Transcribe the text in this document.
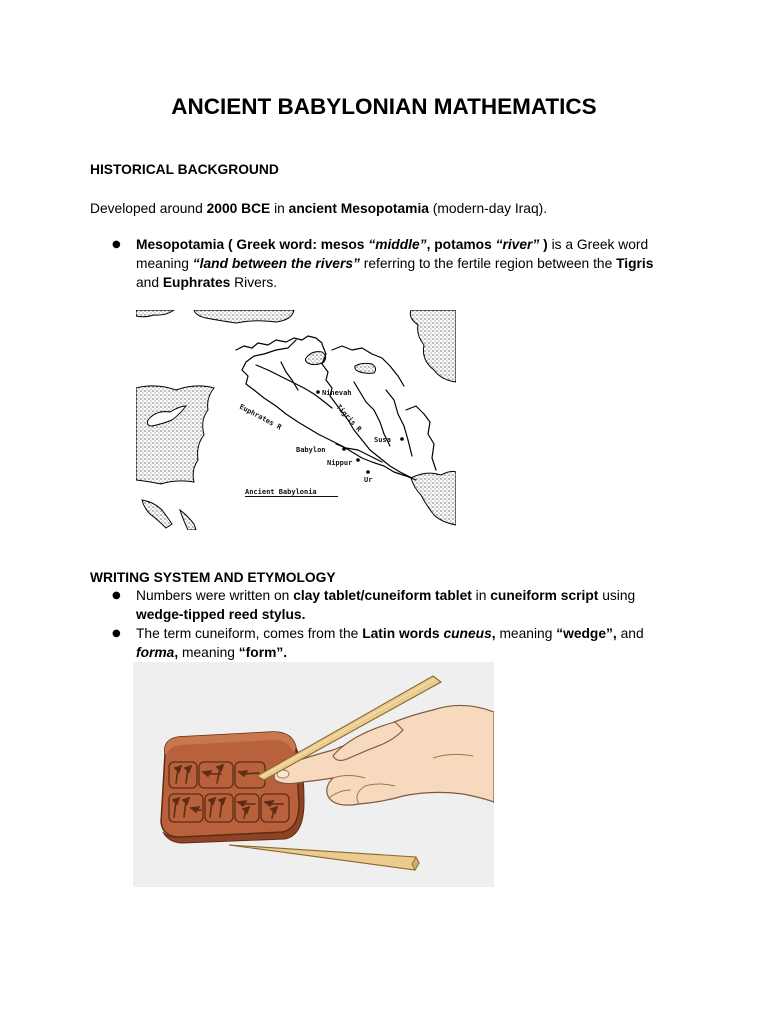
ANCIENT BABYLONIAN MATHEMATICS
HISTORICAL BACKGROUND
Developed around 2000 BCE in ancient Mesopotamia (modern-day Iraq).
● Mesopotamia ( Greek word: mesos “middle”, potamos “river” ) is a Greek word
meaning “land between the rivers” referring to the fertile region between the Tigris
and Euphrates Rivers.
Ninevah
Tigris R
Euphrates R
Susa
Babylon
Nippur
Ur
Ancient Babylonia
WRITING SYSTEM AND ETYMOLOGY
● Numbers were written on clay tablet/cuneiform tablet in cuneiform script using
wedge-tipped reed stylus.
● The term cuneiform, comes from the Latin words cuneus, meaning “wedge”, and
forma, meaning “form”.
